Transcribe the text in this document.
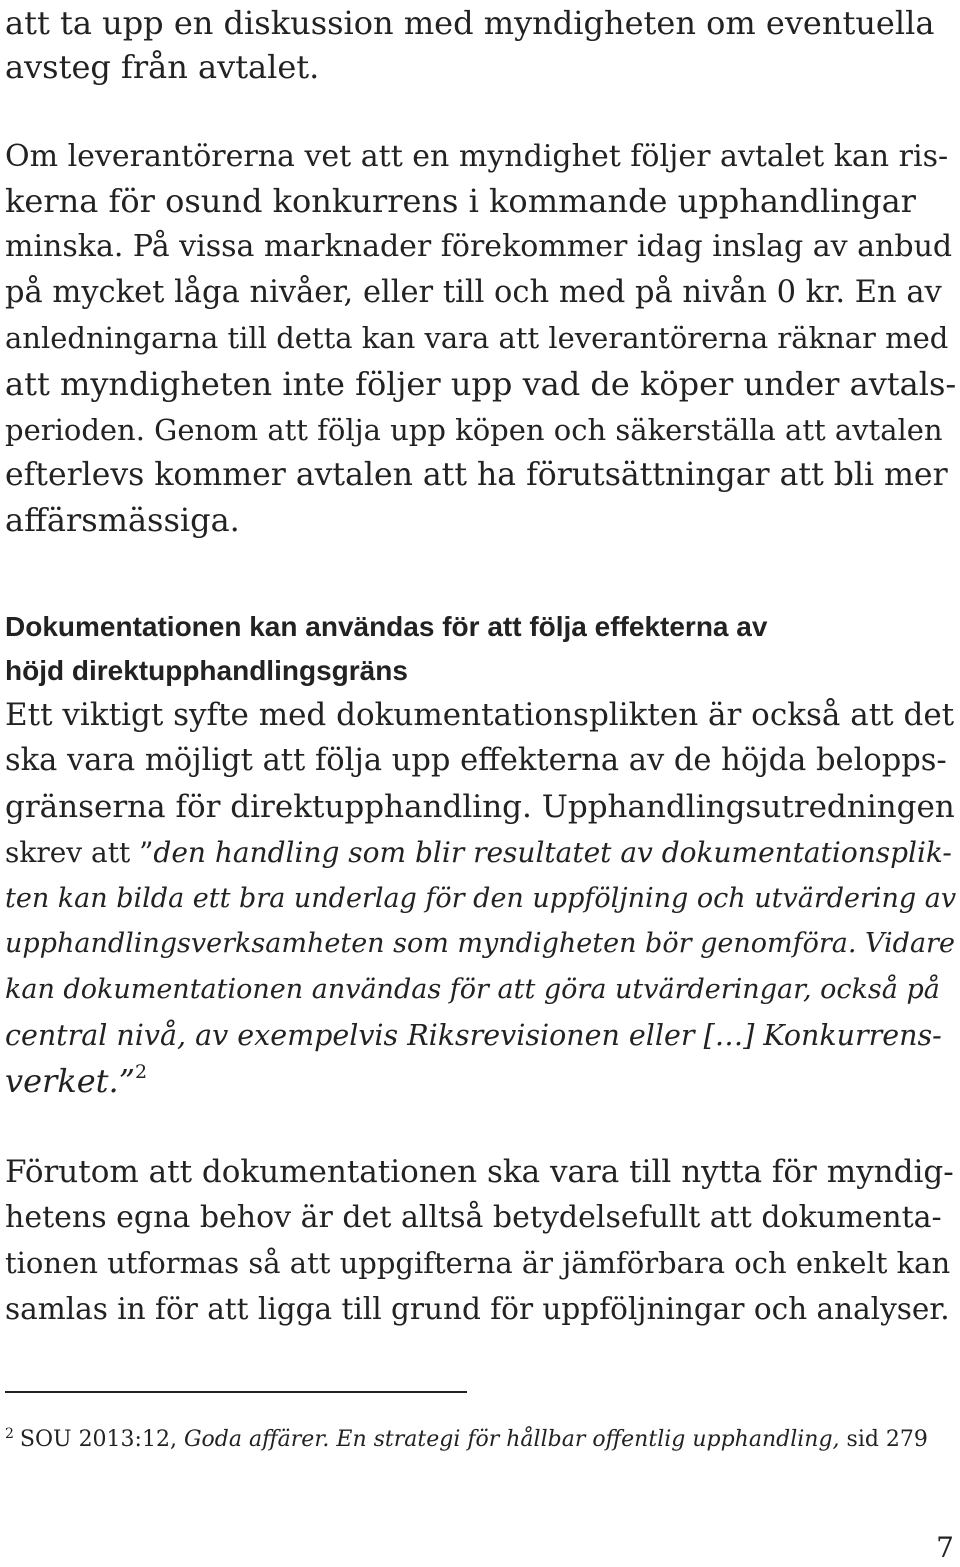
att ta upp en diskussion med myndigheten om eventuella
avsteg från avtalet.
Om leverantörerna vet att en myndighet följer avtalet kan ris-
kerna för osund konkurrens i kommande upphandlingar
minska. På vissa marknader förekommer idag inslag av anbud
på mycket låga nivåer, eller till och med på nivån 0 kr. En av
anledningarna till detta kan vara att leverantörerna räknar med
att myndigheten inte följer upp vad de köper under avtals-
perioden. Genom att följa upp köpen och säkerställa att avtalen
efterlevs kommer avtalen att ha förutsättningar att bli mer
affärsmässiga.
Dokumentationen kan användas för att följa effekterna av
höjd direktupphandlingsgräns
Ett viktigt syfte med dokumentationsplikten är också att det
ska vara möjligt att följa upp effekterna av de höjda belopps-
gränserna för direktupphandling. Upphandlingsutredningen
skrev att ”den handling som blir resultatet av dokumentationsplik-
ten kan bilda ett bra underlag för den uppföljning och utvärdering av
upphandlingsverksamheten som myndigheten bör genomföra. Vidare
kan dokumentationen användas för att göra utvärderingar, också på
central nivå, av exempelvis Riksrevisionen eller […] Konkurrens-
verket.”$^2$
Förutom att dokumentationen ska vara till nytta för myndig-
hetens egna behov är det alltså betydelsefullt att dokumenta-
tionen utformas så att uppgifterna är jämförbara och enkelt kan
samlas in för att ligga till grund för uppföljningar och analyser.
$^2$ SOU 2013:12, Goda affärer. En strategi för hållbar offentlig upphandling, sid 279
7
